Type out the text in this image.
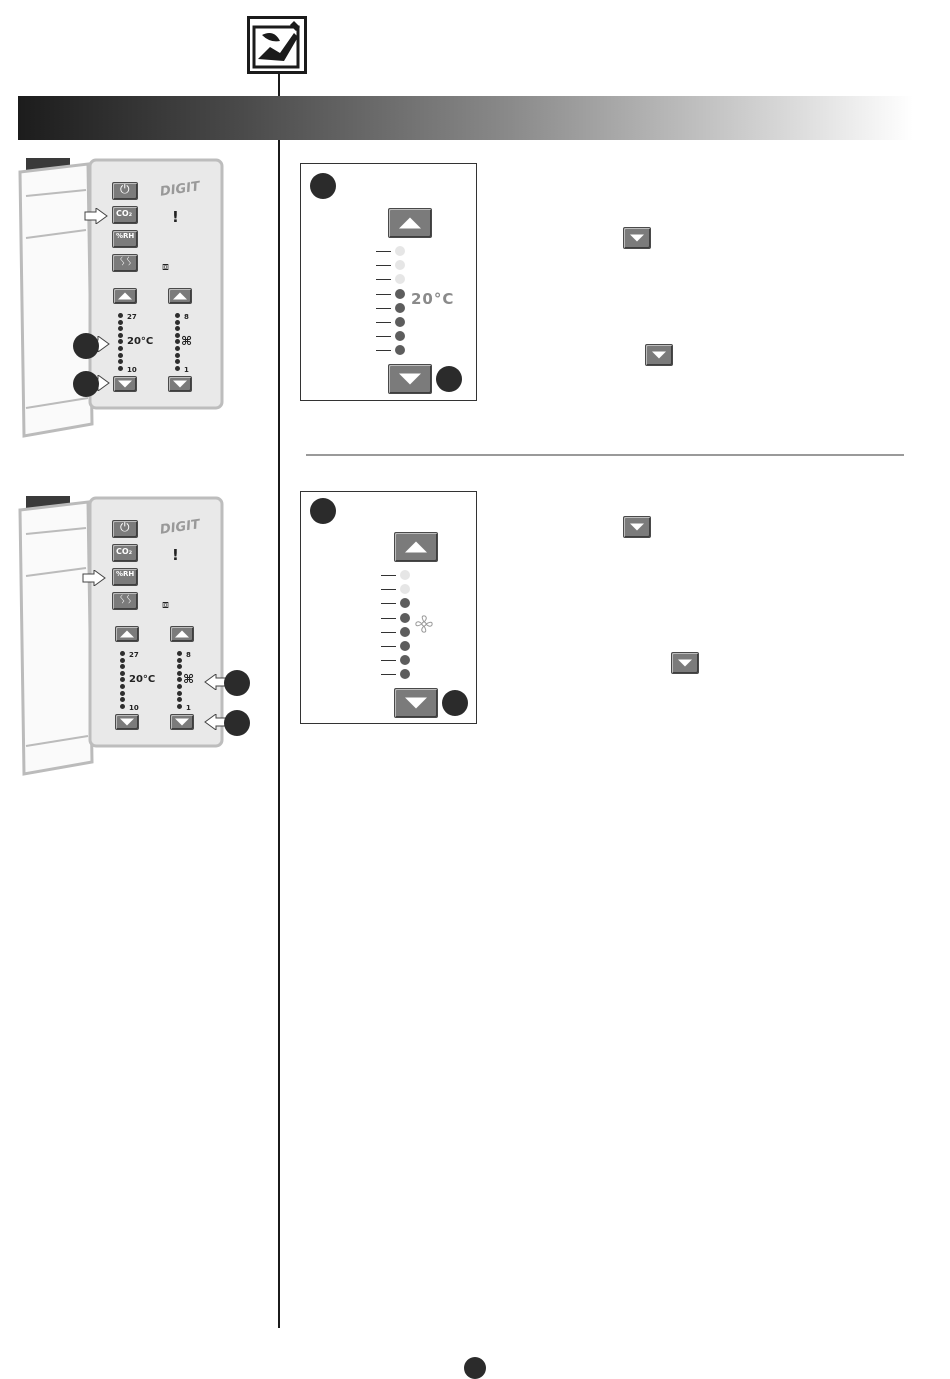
⏻
CO₂
%RH
ᛊᛊ
DIGIT
!
⧈
27
10
8
1
20°C ⌘
⏻
CO₂
%RH
ᛊᛊ
DIGIT
!
⧈
27
10
8
1
20°C ⌘
20°C
